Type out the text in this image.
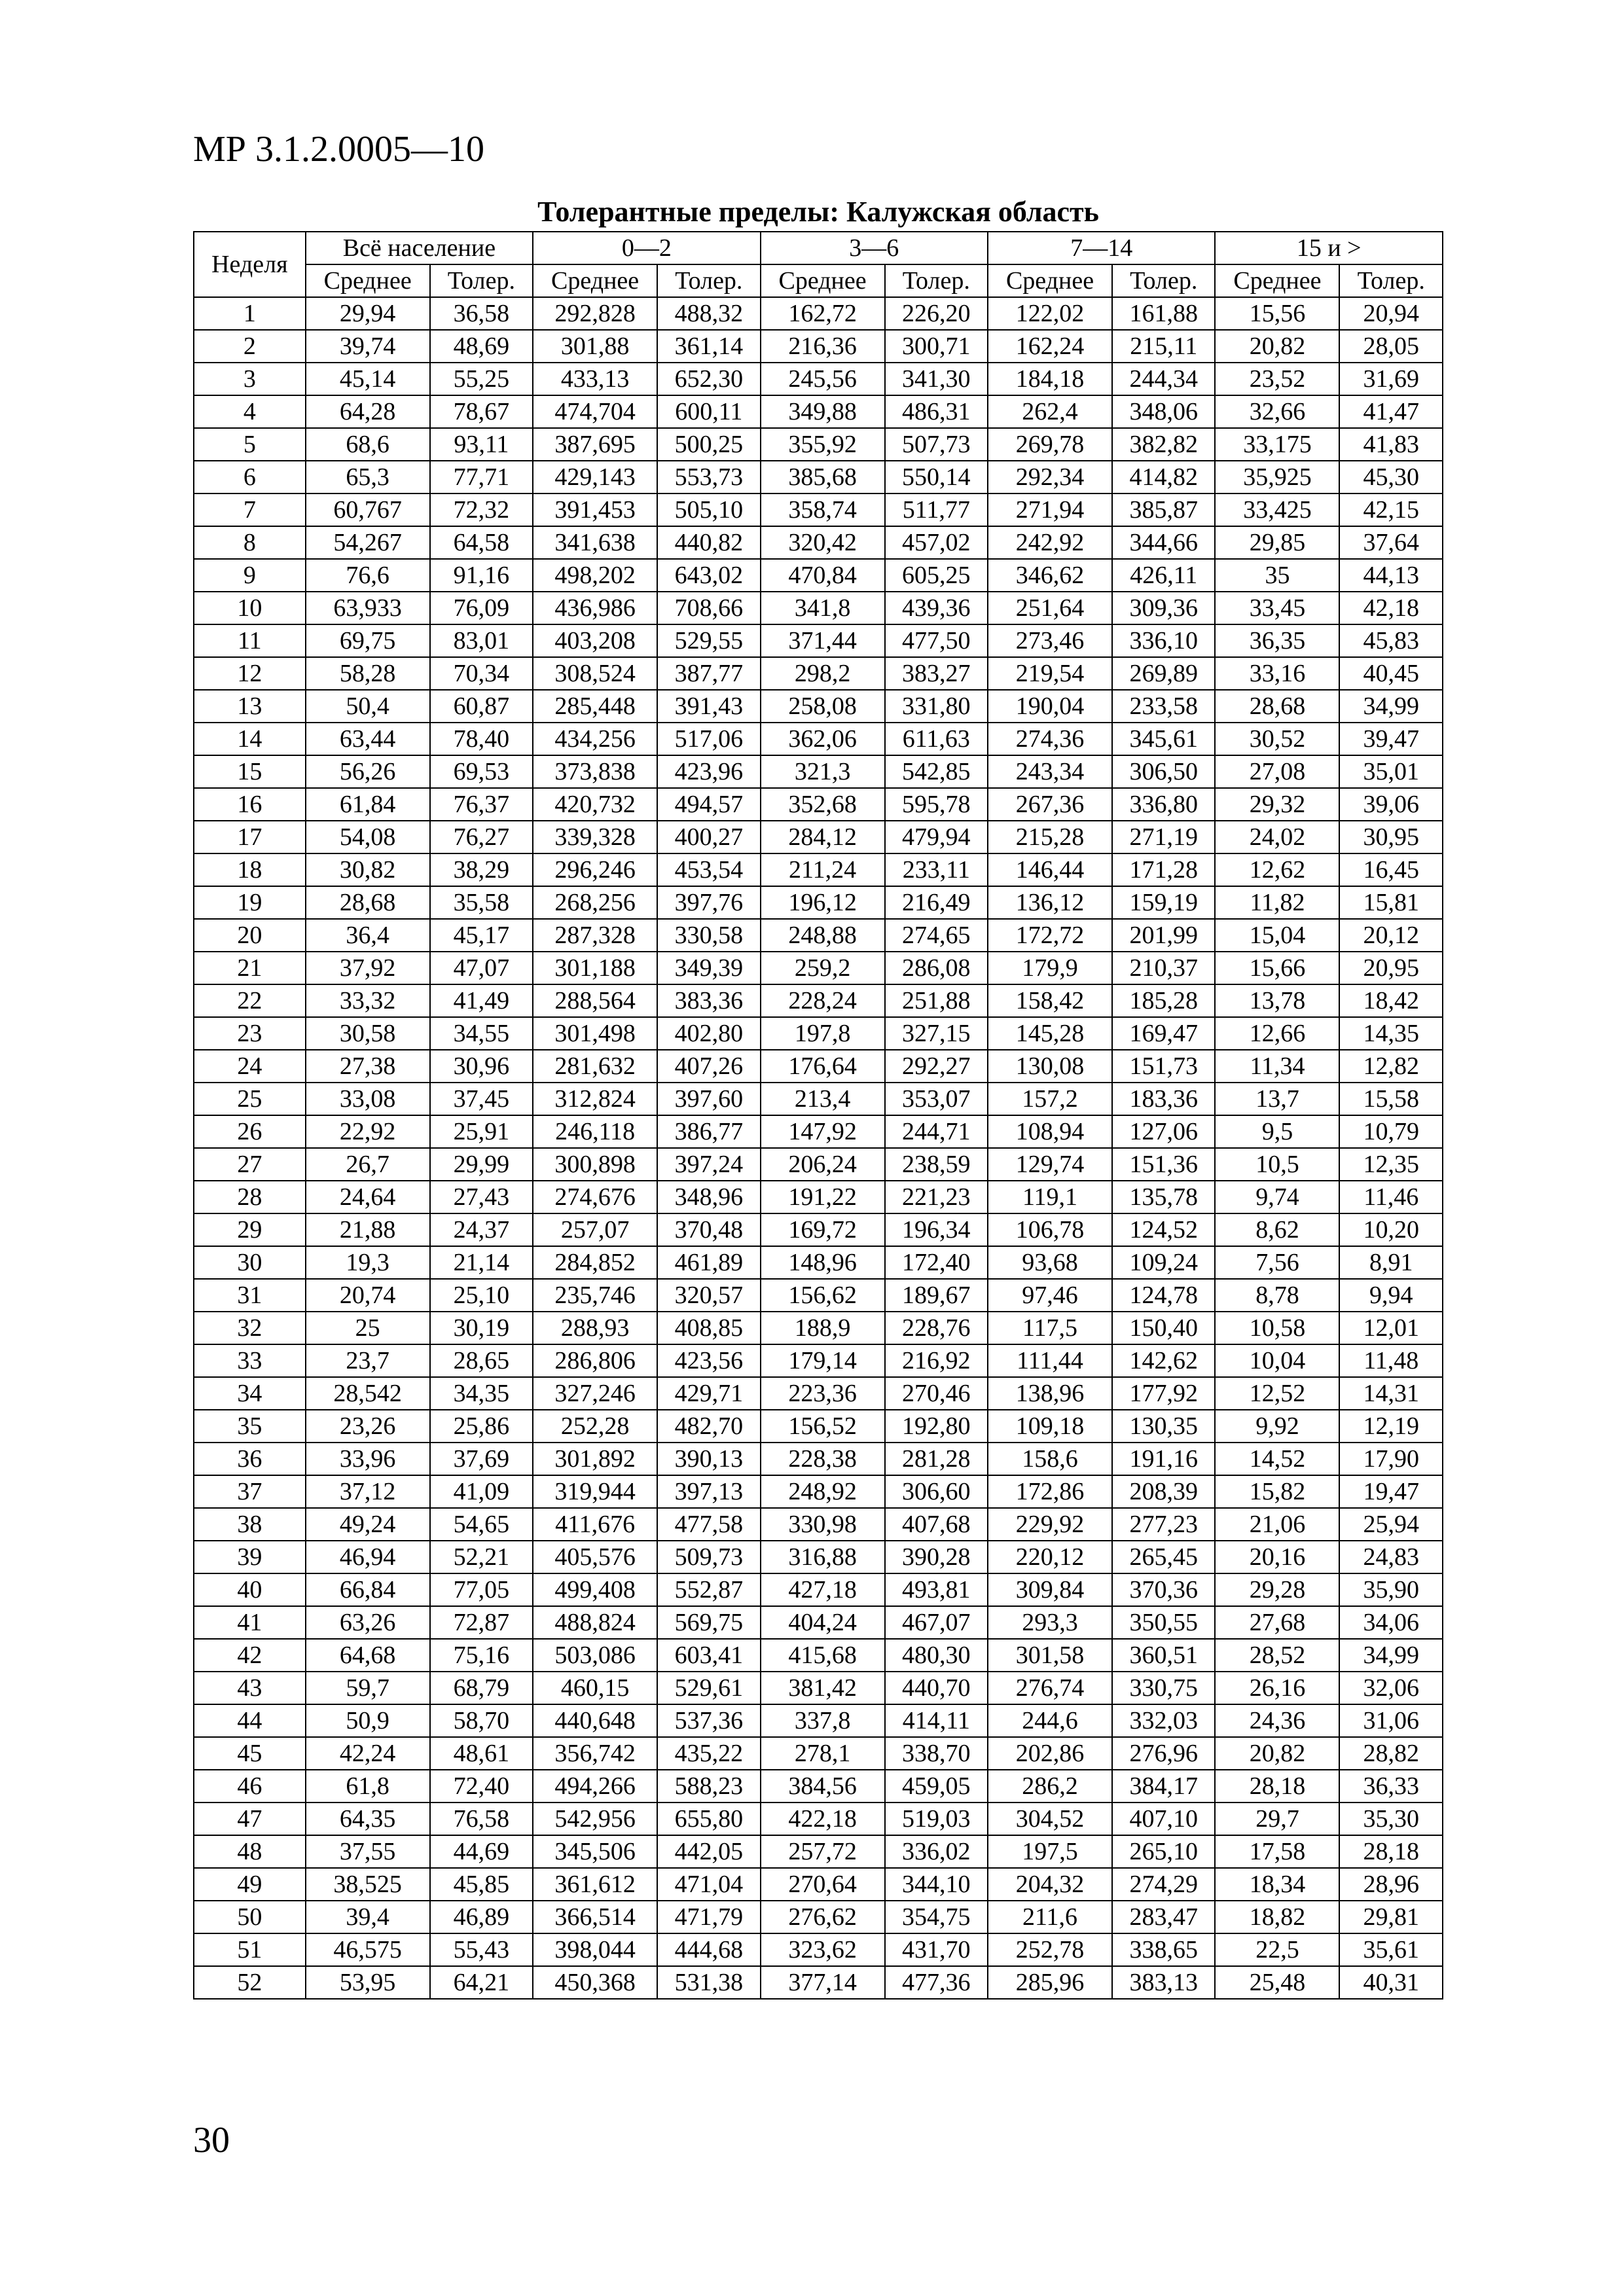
МР 3.1.2.0005—10
Толерантные пределы: Калужская область
Неделя	Всё население		0—2		3—6		7—14		15 и >	
	Среднее	Толер.	Среднее	Толер.	Среднее	Толер.	Среднее	Толер.	Среднее	Толер.
1	29,94	36,58	292,828	488,32	162,72	226,20	122,02	161,88	15,56	20,94
2	39,74	48,69	301,88	361,14	216,36	300,71	162,24	215,11	20,82	28,05
3	45,14	55,25	433,13	652,30	245,56	341,30	184,18	244,34	23,52	31,69
4	64,28	78,67	474,704	600,11	349,88	486,31	262,4	348,06	32,66	41,47
5	68,6	93,11	387,695	500,25	355,92	507,73	269,78	382,82	33,175	41,83
6	65,3	77,71	429,143	553,73	385,68	550,14	292,34	414,82	35,925	45,30
7	60,767	72,32	391,453	505,10	358,74	511,77	271,94	385,87	33,425	42,15
8	54,267	64,58	341,638	440,82	320,42	457,02	242,92	344,66	29,85	37,64
9	76,6	91,16	498,202	643,02	470,84	605,25	346,62	426,11	35	44,13
10	63,933	76,09	436,986	708,66	341,8	439,36	251,64	309,36	33,45	42,18
11	69,75	83,01	403,208	529,55	371,44	477,50	273,46	336,10	36,35	45,83
12	58,28	70,34	308,524	387,77	298,2	383,27	219,54	269,89	33,16	40,45
13	50,4	60,87	285,448	391,43	258,08	331,80	190,04	233,58	28,68	34,99
14	63,44	78,40	434,256	517,06	362,06	611,63	274,36	345,61	30,52	39,47
15	56,26	69,53	373,838	423,96	321,3	542,85	243,34	306,50	27,08	35,01
16	61,84	76,37	420,732	494,57	352,68	595,78	267,36	336,80	29,32	39,06
17	54,08	76,27	339,328	400,27	284,12	479,94	215,28	271,19	24,02	30,95
18	30,82	38,29	296,246	453,54	211,24	233,11	146,44	171,28	12,62	16,45
19	28,68	35,58	268,256	397,76	196,12	216,49	136,12	159,19	11,82	15,81
20	36,4	45,17	287,328	330,58	248,88	274,65	172,72	201,99	15,04	20,12
21	37,92	47,07	301,188	349,39	259,2	286,08	179,9	210,37	15,66	20,95
22	33,32	41,49	288,564	383,36	228,24	251,88	158,42	185,28	13,78	18,42
23	30,58	34,55	301,498	402,80	197,8	327,15	145,28	169,47	12,66	14,35
24	27,38	30,96	281,632	407,26	176,64	292,27	130,08	151,73	11,34	12,82
25	33,08	37,45	312,824	397,60	213,4	353,07	157,2	183,36	13,7	15,58
26	22,92	25,91	246,118	386,77	147,92	244,71	108,94	127,06	9,5	10,79
27	26,7	29,99	300,898	397,24	206,24	238,59	129,74	151,36	10,5	12,35
28	24,64	27,43	274,676	348,96	191,22	221,23	119,1	135,78	9,74	11,46
29	21,88	24,37	257,07	370,48	169,72	196,34	106,78	124,52	8,62	10,20
30	19,3	21,14	284,852	461,89	148,96	172,40	93,68	109,24	7,56	8,91
31	20,74	25,10	235,746	320,57	156,62	189,67	97,46	124,78	8,78	9,94
32	25	30,19	288,93	408,85	188,9	228,76	117,5	150,40	10,58	12,01
33	23,7	28,65	286,806	423,56	179,14	216,92	111,44	142,62	10,04	11,48
34	28,542	34,35	327,246	429,71	223,36	270,46	138,96	177,92	12,52	14,31
35	23,26	25,86	252,28	482,70	156,52	192,80	109,18	130,35	9,92	12,19
36	33,96	37,69	301,892	390,13	228,38	281,28	158,6	191,16	14,52	17,90
37	37,12	41,09	319,944	397,13	248,92	306,60	172,86	208,39	15,82	19,47
38	49,24	54,65	411,676	477,58	330,98	407,68	229,92	277,23	21,06	25,94
39	46,94	52,21	405,576	509,73	316,88	390,28	220,12	265,45	20,16	24,83
40	66,84	77,05	499,408	552,87	427,18	493,81	309,84	370,36	29,28	35,90
41	63,26	72,87	488,824	569,75	404,24	467,07	293,3	350,55	27,68	34,06
42	64,68	75,16	503,086	603,41	415,68	480,30	301,58	360,51	28,52	34,99
43	59,7	68,79	460,15	529,61	381,42	440,70	276,74	330,75	26,16	32,06
44	50,9	58,70	440,648	537,36	337,8	414,11	244,6	332,03	24,36	31,06
45	42,24	48,61	356,742	435,22	278,1	338,70	202,86	276,96	20,82	28,82
46	61,8	72,40	494,266	588,23	384,56	459,05	286,2	384,17	28,18	36,33
47	64,35	76,58	542,956	655,80	422,18	519,03	304,52	407,10	29,7	35,30
48	37,55	44,69	345,506	442,05	257,72	336,02	197,5	265,10	17,58	28,18
49	38,525	45,85	361,612	471,04	270,64	344,10	204,32	274,29	18,34	28,96
50	39,4	46,89	366,514	471,79	276,62	354,75	211,6	283,47	18,82	29,81
51	46,575	55,43	398,044	444,68	323,62	431,70	252,78	338,65	22,5	35,61
52	53,95	64,21	450,368	531,38	377,14	477,36	285,96	383,13	25,48	40,31
30
